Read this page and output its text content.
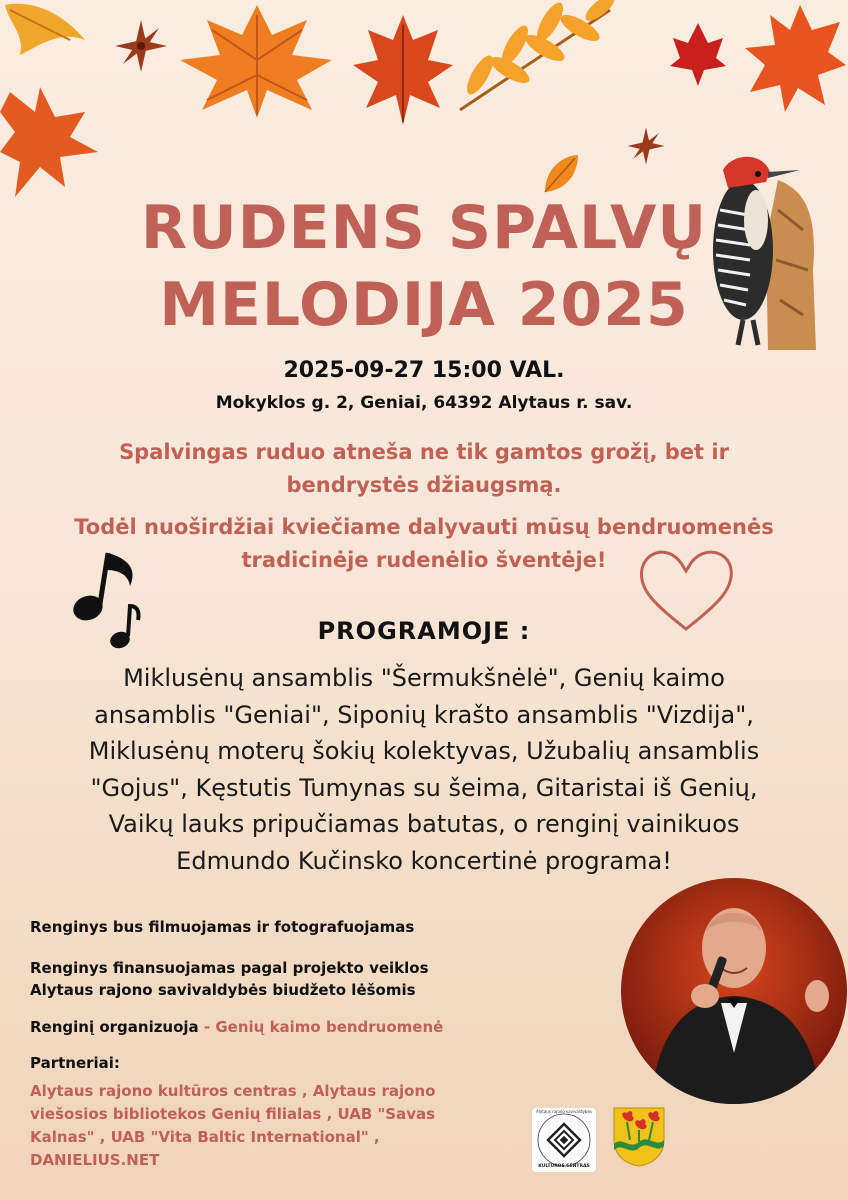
RUDENS SPALVŲ
MELODIJA 2025
2025-09-27 15:00 VAL.
Mokyklos g. 2, Geniai, 64392 Alytaus r. sav.
Spalvingas ruduo atneša ne tik gamtos grožį, bet ir
bendrystės džiaugsmą.
Todėl nuoširdžiai kviečiame dalyvauti mūsų bendruomenės
tradicinėje rudenėlio šventėje!
PROGRAMOJE :
Miklusėnų ansamblis "Šermukšnėlė", Genių kaimo
ansamblis "Geniai", Siponių krašto ansamblis "Vizdija",
Miklusėnų moterų šokių kolektyvas, Užubalių ansamblis
"Gojus", Kęstutis Tumynas su šeima, Gitaristai iš Genių,
Vaikų lauks pripučiamas batutas, o renginį vainikuos
Edmundo Kučinsko koncertinė programa!
Renginys bus filmuojamas ir fotografuojamas
Renginys finansuojamas pagal projekto veiklos
Alytaus rajono savivaldybės biudžeto lėšomis
Renginį organizuoja - Genių kaimo bendruomenė
Partneriai:
Alytaus rajono kultūros centras , Alytaus rajono
viešosios bibliotekos Genių filialas , UAB "Savas
Kalnas" , UAB "Vita Baltic International" ,
DANIELIUS.NET
Alytaus rajono savivaldybės
KULTŪROS CENTRAS
